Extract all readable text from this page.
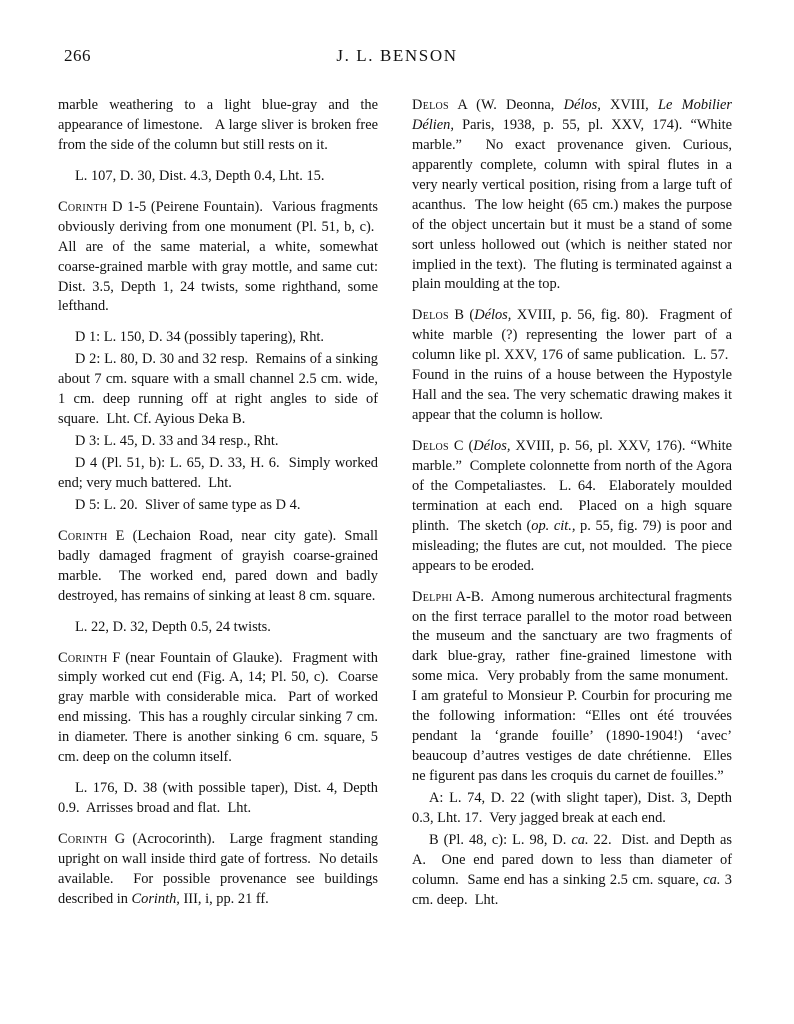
266	J. L. BENSON

marble weathering to a light blue-gray and the appearance of limestone.   A large sliver is broken free from the side of the column but still rests on it.

L. 107, D. 30, Dist. 4.3, Depth 0.4, Lht. 15.

Corinth D 1-5 (Peirene Fountain).  Various fragments obviously deriving from one monument (Pl. 51, b, c).  All are of the same material, a white, somewhat coarse-grained marble with gray mottle, and same cut: Dist. 3.5, Depth 1, 24 twists, some righthand, some lefthand.

D 1: L. 150, D. 34 (possibly tapering), Rht.

D 2: L. 80, D. 30 and 32 resp.  Remains of a sinking about 7 cm. square with a small channel 2.5 cm. wide, 1 cm. deep running off at right angles to side of square.  Lht. Cf. Ayious Deka B.

D 3: L. 45, D. 33 and 34 resp., Rht.

D 4 (Pl. 51, b): L. 65, D. 33, H. 6.  Simply worked end; very much battered.  Lht.

D 5: L. 20.  Sliver of same type as D 4.

Corinth E (Lechaion Road, near city gate). Small badly damaged fragment of grayish coarse-grained marble.  The worked end, pared down and badly destroyed, has remains of sinking at least 8 cm. square.

L. 22, D. 32, Depth 0.5, 24 twists.

Corinth F (near Fountain of Glauke).  Fragment with simply worked cut end (Fig. A, 14; Pl. 50, c).  Coarse gray marble with considerable mica.  Part of worked end missing.  This has a roughly circular sinking 7 cm. in diameter. There is another sinking 6 cm. square, 5 cm. deep on the column itself.

L. 176, D. 38 (with possible taper), Dist. 4, Depth 0.9.  Arrisses broad and flat.  Lht.

Corinth G (Acrocorinth).  Large fragment standing upright on wall inside third gate of fortress.  No details available.  For possible provenance see buildings described in Corinth, III, i, pp. 21 ff.

Delos A (W. Deonna, Délos, XVIII, Le Mobilier Délien, Paris, 1938, p. 55, pl. XXV, 174). “White marble.”  No exact provenance given. Curious, apparently complete, column with spiral flutes in a very nearly vertical position, rising from a large tuft of acanthus.  The low height (65 cm.) makes the purpose of the object uncertain but it must be a stand of some sort unless hollowed out (which is neither stated nor implied in the text).  The fluting is terminated against a plain moulding at the top.

Delos B (Délos, XVIII, p. 56, fig. 80).  Fragment of white marble (?) representing the lower part of a column like pl. XXV, 176 of same publication.  L. 57.  Found in the ruins of a house between the Hypostyle Hall and the sea. The very schematic drawing makes it appear that the column is hollow.

Delos C (Délos, XVIII, p. 56, pl. XXV, 176). “White marble.”  Complete colonnette from north of the Agora of the Competaliastes.  L. 64.  Elaborately moulded termination at each end.  Placed on a high square plinth.  The sketch (op. cit., p. 55, fig. 79) is poor and misleading; the flutes are cut, not moulded.  The piece appears to be eroded.

Delphi A-B.  Among numerous architectural fragments on the first terrace parallel to the motor road between the museum and the sanctuary are two fragments of dark blue-gray, rather fine-grained limestone with some mica.  Very probably from the same monument.  I am grateful to Monsieur P. Courbin for procuring me the following information: “Elles ont été trouvées pendant la ‘grande fouille’ (1890-1904!) ‘avec’ beaucoup d’autres vestiges de date chrétienne.  Elles ne figurent pas dans les croquis du carnet de fouilles.”

A: L. 74, D. 22 (with slight taper), Dist. 3, Depth 0.3, Lht. 17.  Very jagged break at each end.

B (Pl. 48, c): L. 98, D. ca. 22.  Dist. and Depth as A.  One end pared down to less than diameter of column.  Same end has a sinking 2.5 cm. square, ca. 3 cm. deep.  Lht.
